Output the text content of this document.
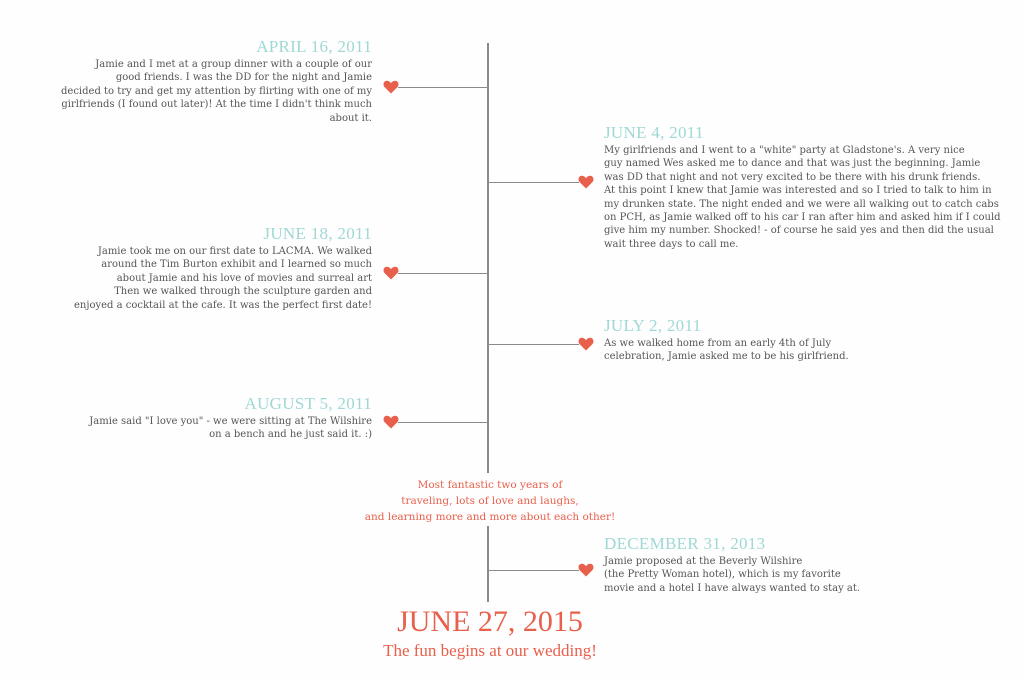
APRIL 16, 2011
Jamie and I met at a group dinner with a couple of our
good friends. I was the DD for the night and Jamie
decided to try and get my attention by flirting with one of my
girlfriends (I found out later)! At the time I didn't think much about it.
JUNE 4, 2011
My girlfriends and I went to a "white" party at Gladstone's. A very nice
guy named Wes asked me to dance and that was just the beginning. Jamie
was DD that night and not very excited to be there with his drunk friends.
At this point I knew that Jamie was interested and so I tried to talk to him in
my drunken state. The night ended and we were all walking out to catch cabs
on PCH, as Jamie walked off to his car I ran after him and asked him if I could
give him my number. Shocked! - of course he said yes and then did the usual
wait three days to call me.
JUNE 18, 2011
Jamie took me on our first date to LACMA. We walked
around the Tim Burton exhibit and I learned so much
about Jamie and his love of movies and surreal art
Then we walked through the sculpture garden and
enjoyed a cocktail at the cafe. It was the perfect first date!
JULY 2, 2011
As we walked home from an early 4th of July
celebration, Jamie asked me to be his girlfriend.
AUGUST 5, 2011
Jamie said "I love you" - we were sitting at The Wilshire
on a bench and he just said it. :)
Most fantastic two years of
traveling, lots of love and laughs,
and learning more and more about each other!
DECEMBER 31, 2013
Jamie proposed at the Beverly Wilshire
(the Pretty Woman hotel), which is my favorite
movie and a hotel I have always wanted to stay at.
JUNE 27, 2015
The fun begins at our wedding!
